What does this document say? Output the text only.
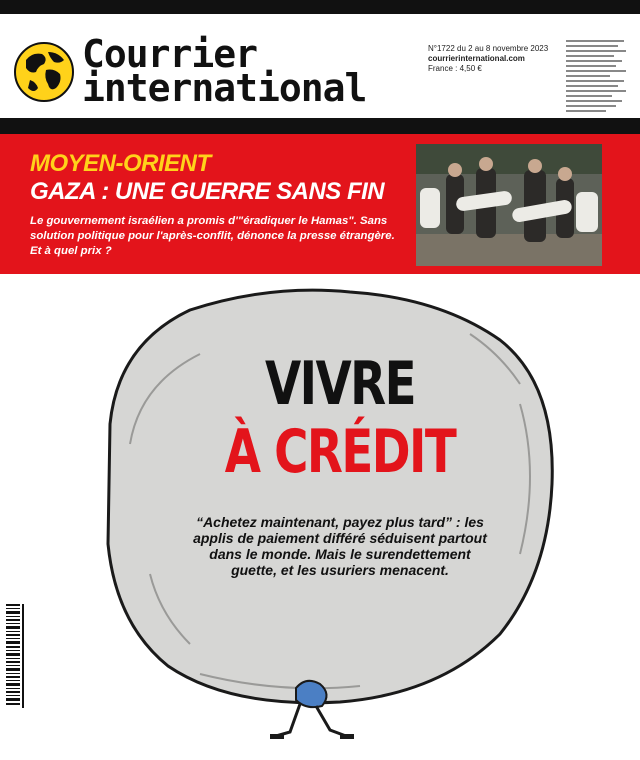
Courrier
international
N°1722 du 2 au 8 novembre 2023
courrierinternational.com
France : 4,50 €
MOYEN-ORIENT
GAZA : UNE GUERRE SANS FIN
Le gouvernement israélien a promis d'"éradiquer le Hamas". Sans solution politique pour l'après-conflit, dénonce la presse étrangère. Et à quel prix ?
VIVRE
À CRÉDIT
“Achetez maintenant, payez plus tard” : les applis de paiement différé séduisent partout dans le monde. Mais le surendettement guette, et les usuriers menacent.
